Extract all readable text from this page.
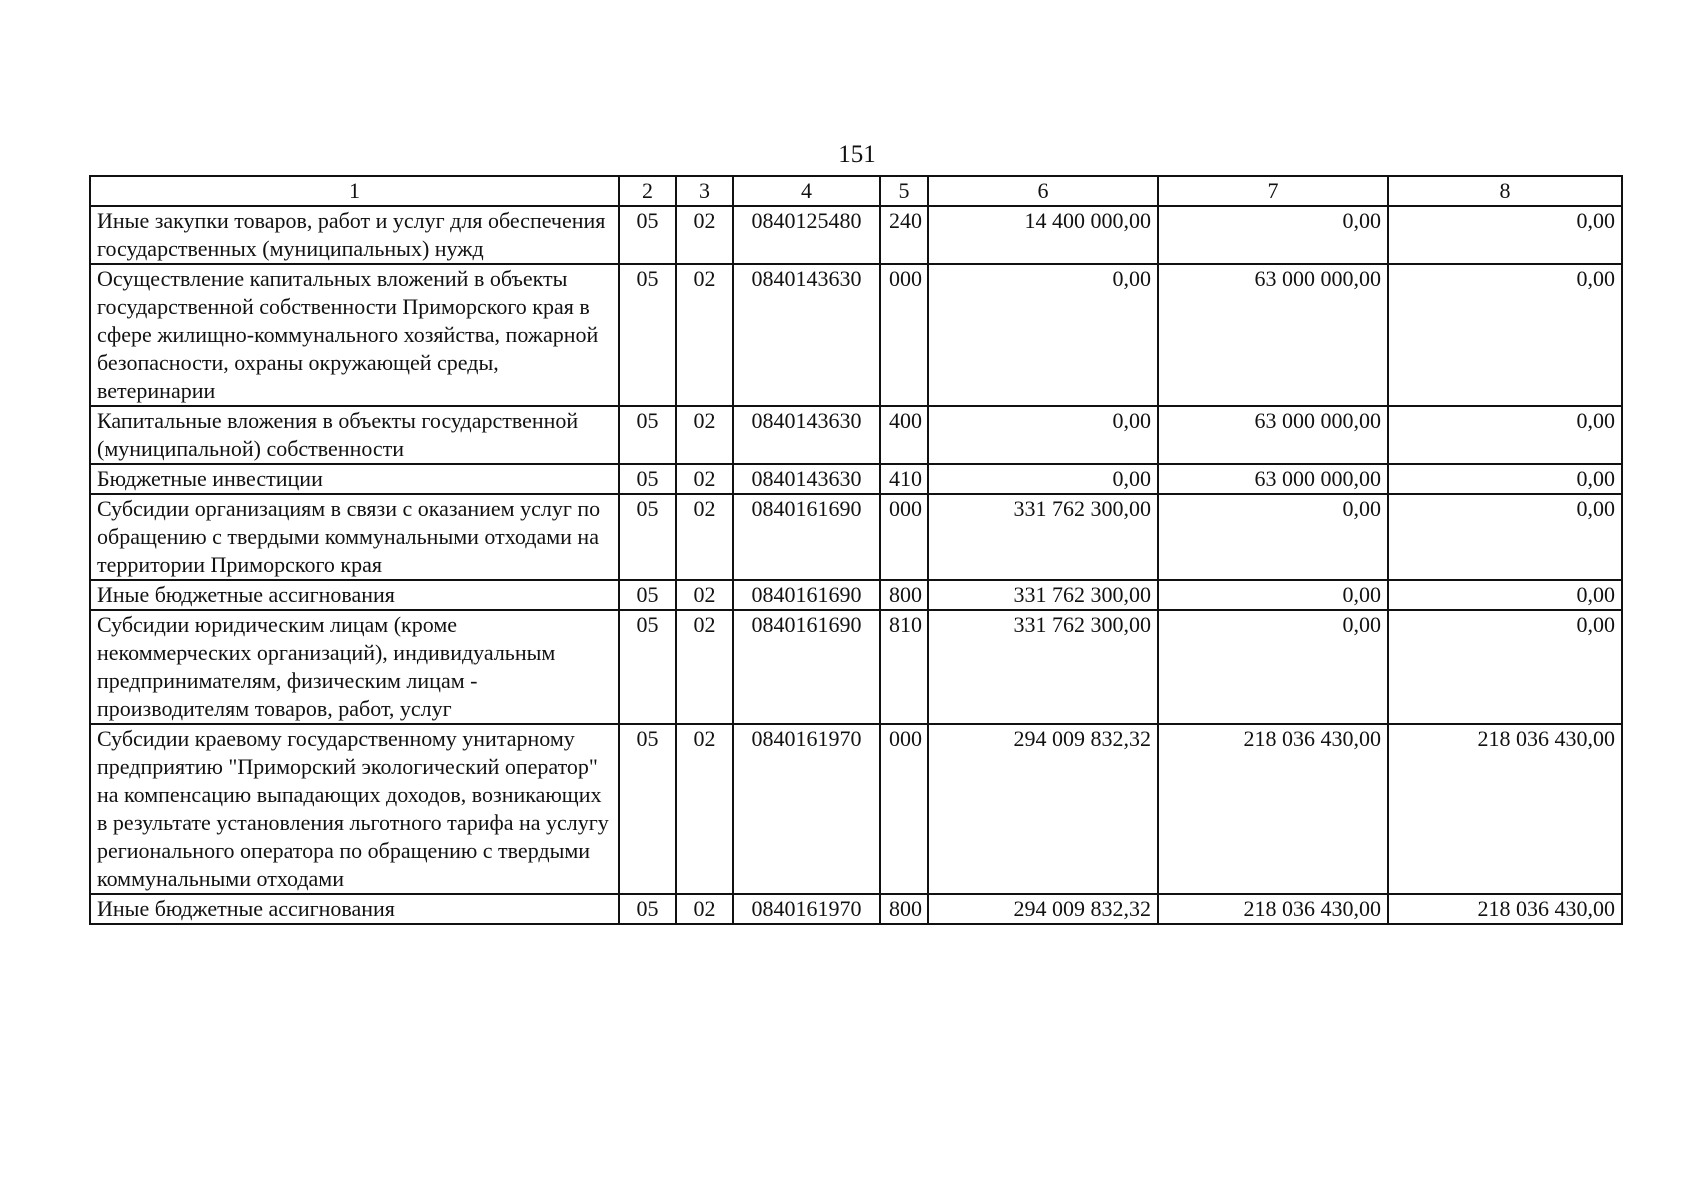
151
1	2	3	4	5	6	7	8
Иные закупки товаров, работ и услуг для обеспечения государственных (муниципальных) нужд	05	02	0840125480	240	14 400 000,00	0,00	0,00
Осуществление капитальных вложений в объекты государственной собственности Приморского края в сфере жилищно-коммунального хозяйства, пожарной безопасности, охраны окружающей среды, ветеринарии	05	02	0840143630	000	0,00	63 000 000,00	0,00
Капитальные вложения в объекты государственной (муниципальной) собственности	05	02	0840143630	400	0,00	63 000 000,00	0,00
Бюджетные инвестиции	05	02	0840143630	410	0,00	63 000 000,00	0,00
Субсидии организациям в связи с оказанием услуг по обращению с твердыми коммунальными отходами на территории Приморского края	05	02	0840161690	000	331 762 300,00	0,00	0,00
Иные бюджетные ассигнования	05	02	0840161690	800	331 762 300,00	0,00	0,00
Субсидии юридическим лицам (кроме некоммерческих организаций), индивидуальным предпринимателям, физическим лицам - производителям товаров, работ, услуг	05	02	0840161690	810	331 762 300,00	0,00	0,00
Субсидии краевому государственному унитарному предприятию "Приморский экологический оператор" на компенсацию выпадающих доходов, возникающих в результате установления льготного тарифа на услугу регионального оператора по обращению с твердыми коммунальными отходами	05	02	0840161970	000	294 009 832,32	218 036 430,00	218 036 430,00
Иные бюджетные ассигнования	05	02	0840161970	800	294 009 832,32	218 036 430,00	218 036 430,00
